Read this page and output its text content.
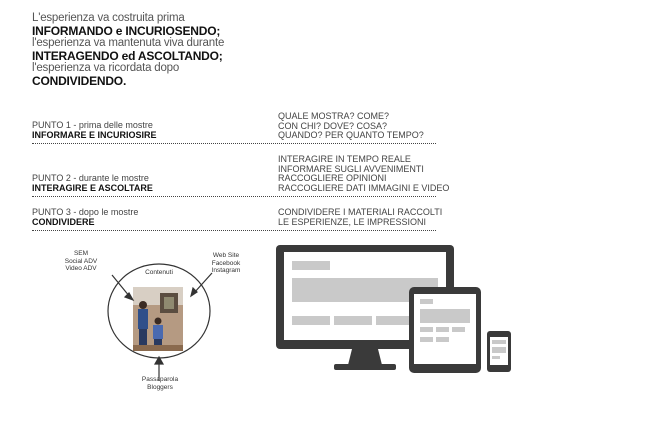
L'esperienza va costruita prima
INFORMANDO e INCURIOSENDO;
l'esperienza va mantenuta viva durante
INTERAGENDO ed ASCOLTANDO;
l'esperienza va ricordata dopo
CONDIVIDENDO.
PUNTO 1 - prima delle mostre
INFORMARE E INCURIOSIRE
QUALE MOSTRA? COME?
CON CHI? DOVE? COSA?
QUANDO? PER QUANTO TEMPO?
PUNTO 2 - durante le mostre
INTERAGIRE E ASCOLTARE
INTERAGIRE IN TEMPO REALE
INFORMARE SUGLI AVVENIMENTI
RACCOGLIERE OPINIONI
RACCOGLIERE DATI IMMAGINI E VIDEO
PUNTO 3 - dopo le mostre
CONDIVIDERE
CONDIVIDERE I MATERIALI RACCOLTI
LE ESPERIENZE, LE IMPRESSIONI
SEM
Social ADV
Video ADV
Contenuti
Web Site
Facebook
Instagram
Passaparola
Bloggers
